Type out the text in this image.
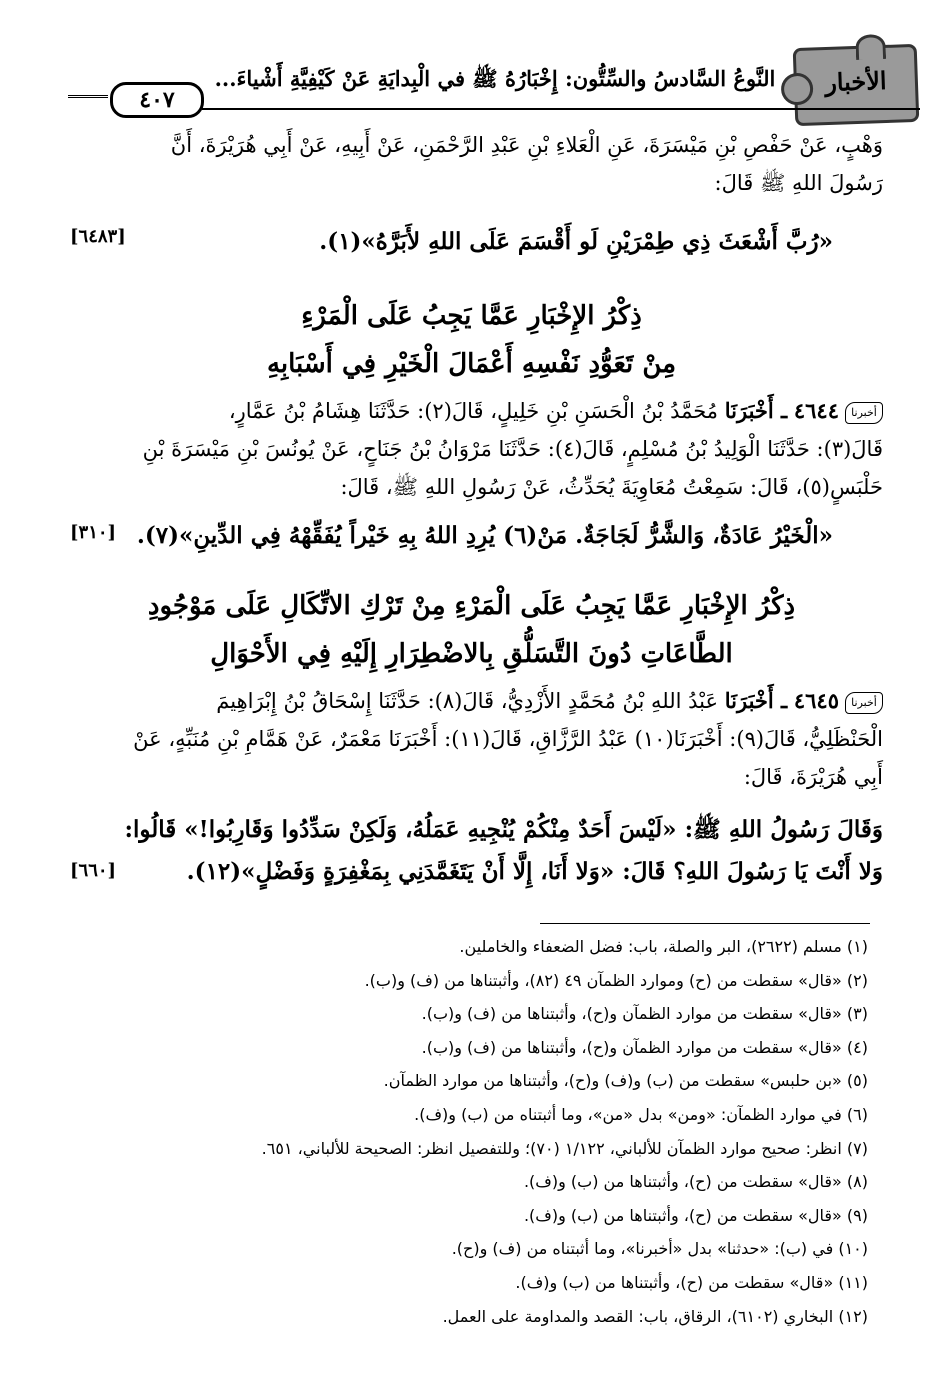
الأخبار
النَّوعُ السَّادسُ والسِّتُّون: إِخْبَارُهُ ﷺ في الْبِدايَةِ عَنْ كَيْفِيَّةِ أَشْياءَ...
٤٠٧
وَهْبٍ، عَنْ حَفْصِ بْنِ مَيْسَرَةَ، عَنِ الْعَلاءِ بْنِ عَبْدِ الرَّحْمَنِ، عَنْ أَبِيهِ، عَنْ أَبِي هُرَيْرَةَ، أَنَّ
رَسُولَ اللهِ ﷺ قَالَ:
«رُبَّ أَشْعَثَ ذِي طِمْرَيْنِ لَو أَقْسَمَ عَلَى اللهِ لأَبَرَّهُ»(١).
[٦٤٨٣]
ذِكْرُ الإِخْبَارِ عَمَّا يَجِبُ عَلَى الْمَرْءِ
مِنْ تَعَوُّدِ نَفْسِهِ أَعْمَالَ الْخَيْرِ فِي أَسْبَابِهِ
أخبرنا٤٦٤٤ ـ أَخْبَرَنَا مُحَمَّدُ بْنُ الْحَسَنِ بْنِ خَلِيلٍ، قَالَ(٢): حَدَّثَنَا هِشَامُ بْنُ عَمَّارٍ،
قَالَ(٣): حَدَّثَنَا الْوَلِيدُ بْنُ مُسْلِمٍ، قَالَ(٤): حَدَّثَنَا مَرْوَانُ بْنُ جَنَاحٍ، عَنْ يُونُسَ بْنِ مَيْسَرَةَ بْنِ
حَلْبَسٍ(٥)، قَالَ: سَمِعْتُ مُعَاوِيَةَ يُحَدِّثُ، عَنْ رَسُولِ اللهِ ﷺ، قَالَ:
«الْخَيْرُ عَادَةٌ، وَالشَّرُّ لَجَاجَةٌ. مَنْ(٦) يُرِدِ اللهُ بِهِ خَيْراً يُفَقِّهْهُ فِي الدِّينِ»(٧).
[٣١٠]
ذِكْرُ الإِخْبَارِ عَمَّا يَجِبُ عَلَى الْمَرْءِ مِنْ تَرْكِ الاتِّكَالِ عَلَى مَوْجُودِ
الطَّاعَاتِ دُونَ التَّسَلُّقِ بِالاضْطِرَارِ إِلَيْهِ فِي الأَحْوَالِ
أخبرنا٤٦٤٥ ـ أَخْبَرَنَا عَبْدُ اللهِ بْنُ مُحَمَّدٍ الأَزْدِيُّ، قَالَ(٨): حَدَّثَنَا إِسْحَاقُ بْنُ إِبْرَاهِيمَ
الْحَنْظَلِيُّ، قَالَ(٩): أَخْبَرَنَا(١٠) عَبْدُ الرَّزَّاقِ، قَالَ(١١): أَخْبَرَنَا مَعْمَرٌ، عَنْ هَمَّامِ بْنِ مُنَبِّهٍ، عَنْ
أَبِي هُرَيْرَةَ، قَالَ:
وَقَالَ رَسُولُ اللهِ ﷺ: «لَيْسَ أَحَدٌ مِنْكُمْ يُنْجِيهِ عَمَلُهُ، وَلَكِنْ سَدِّدُوا وَقَارِبُوا!» قَالُوا:
وَلا أَنْتَ يَا رَسُولَ اللهِ؟ قَالَ: «وَلا أَنَا، إِلَّا أَنْ يَتَغَمَّدَنِي بِمَغْفِرَةٍ وَفَضْلٍ»(١٢).
[٦٦٠]
(١) مسلم (٢٦٢٢)، البر والصلة، باب: فضل الضعفاء والخاملين.
(٢) «قال» سقطت من (ح) وموارد الظمآن ٤٩ (٨٢)، وأثبتناها من (ف) و(ب).
(٣) «قال» سقطت من موارد الظمآن و(ح)، وأثبتناها من (ف) و(ب).
(٤) «قال» سقطت من موارد الظمآن و(ح)، وأثبتناها من (ف) و(ب).
(٥) «بن حلبس» سقطت من (ب) و(ف) و(ح)، وأثبتناها من موارد الظمآن.
(٦) في موارد الظمآن: «ومن» بدل «من»، وما أثبتناه من (ب) و(ف).
(٧) انظر: صحيح موارد الظمآن للألباني، ١/١٢٢ (٧٠)؛ وللتفصيل انظر: الصحيحة للألباني، ٦٥١.
(٨) «قال» سقطت من (ح)، وأثبتناها من (ب) و(ف).
(٩) «قال» سقطت من (ح)، وأثبتناها من (ب) و(ف).
(١٠) في (ب): «حدثنا» بدل «أخبرنا»، وما أثبتناه من (ف) و(ح).
(١١) «قال» سقطت من (ح)، وأثبتناها من (ب) و(ف).
(١٢) البخاري (٦١٠٢)، الرقاق، باب: القصد والمداومة على العمل.
